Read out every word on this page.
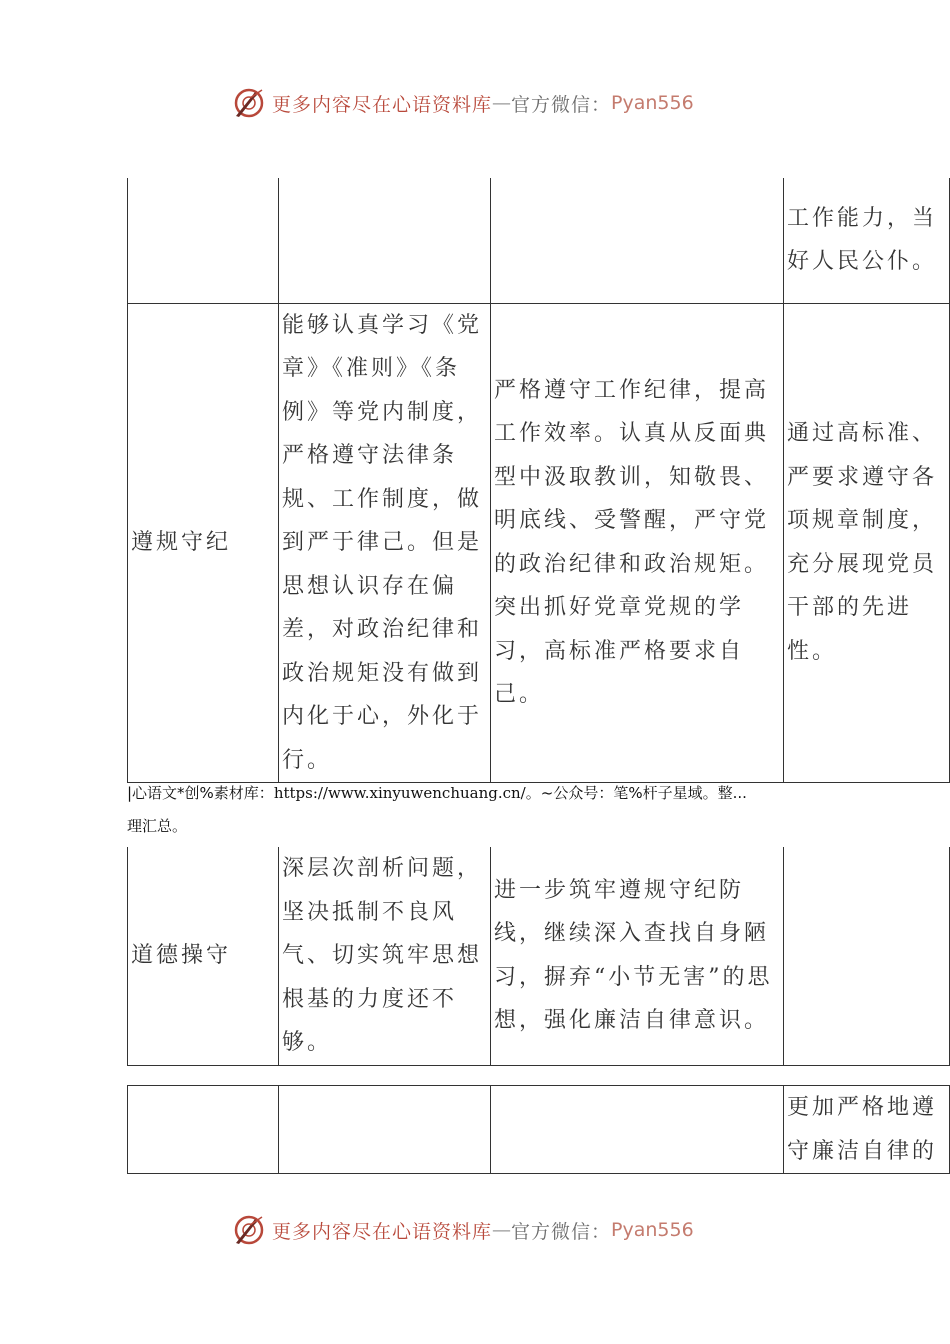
更多内容尽在心语资料库 — 官方微信： Pyan556
			工作能力，当好人民公仆。
遵规守纪	能够认真学习《党章》《准则》《条例》等党内制度，严格遵守法律条规、工作制度，做到严于律己。但是思想认识存在偏差，对政治纪律和政治规矩没有做到内化于心，外化于行。	严格遵守工作纪律，提高工作效率。认真从反面典型中汲取教训，知敬畏、明底线、受警醒，严守党的政治纪律和政治规矩。突出抓好党章党规的学习，高标准严格要求自己。	通过高标准、严要求遵守各项规章制度，充分展现党员干部的先进性。
|心语文*创%素材库：https://www.xinyuwenchuang.cn/。~公众号：笔%杆子星域。整...
理汇总。
道德操守	深层次剖析问题，坚决抵制不良风气、切实筑牢思想根基的力度还不够。	进一步筑牢遵规守纪防线，继续深入查找自身陋习，摒弃“小节无害”的思想，强化廉洁自律意识。	
			更加严格地遵守廉洁自律的
更多内容尽在心语资料库 — 官方微信： Pyan556
